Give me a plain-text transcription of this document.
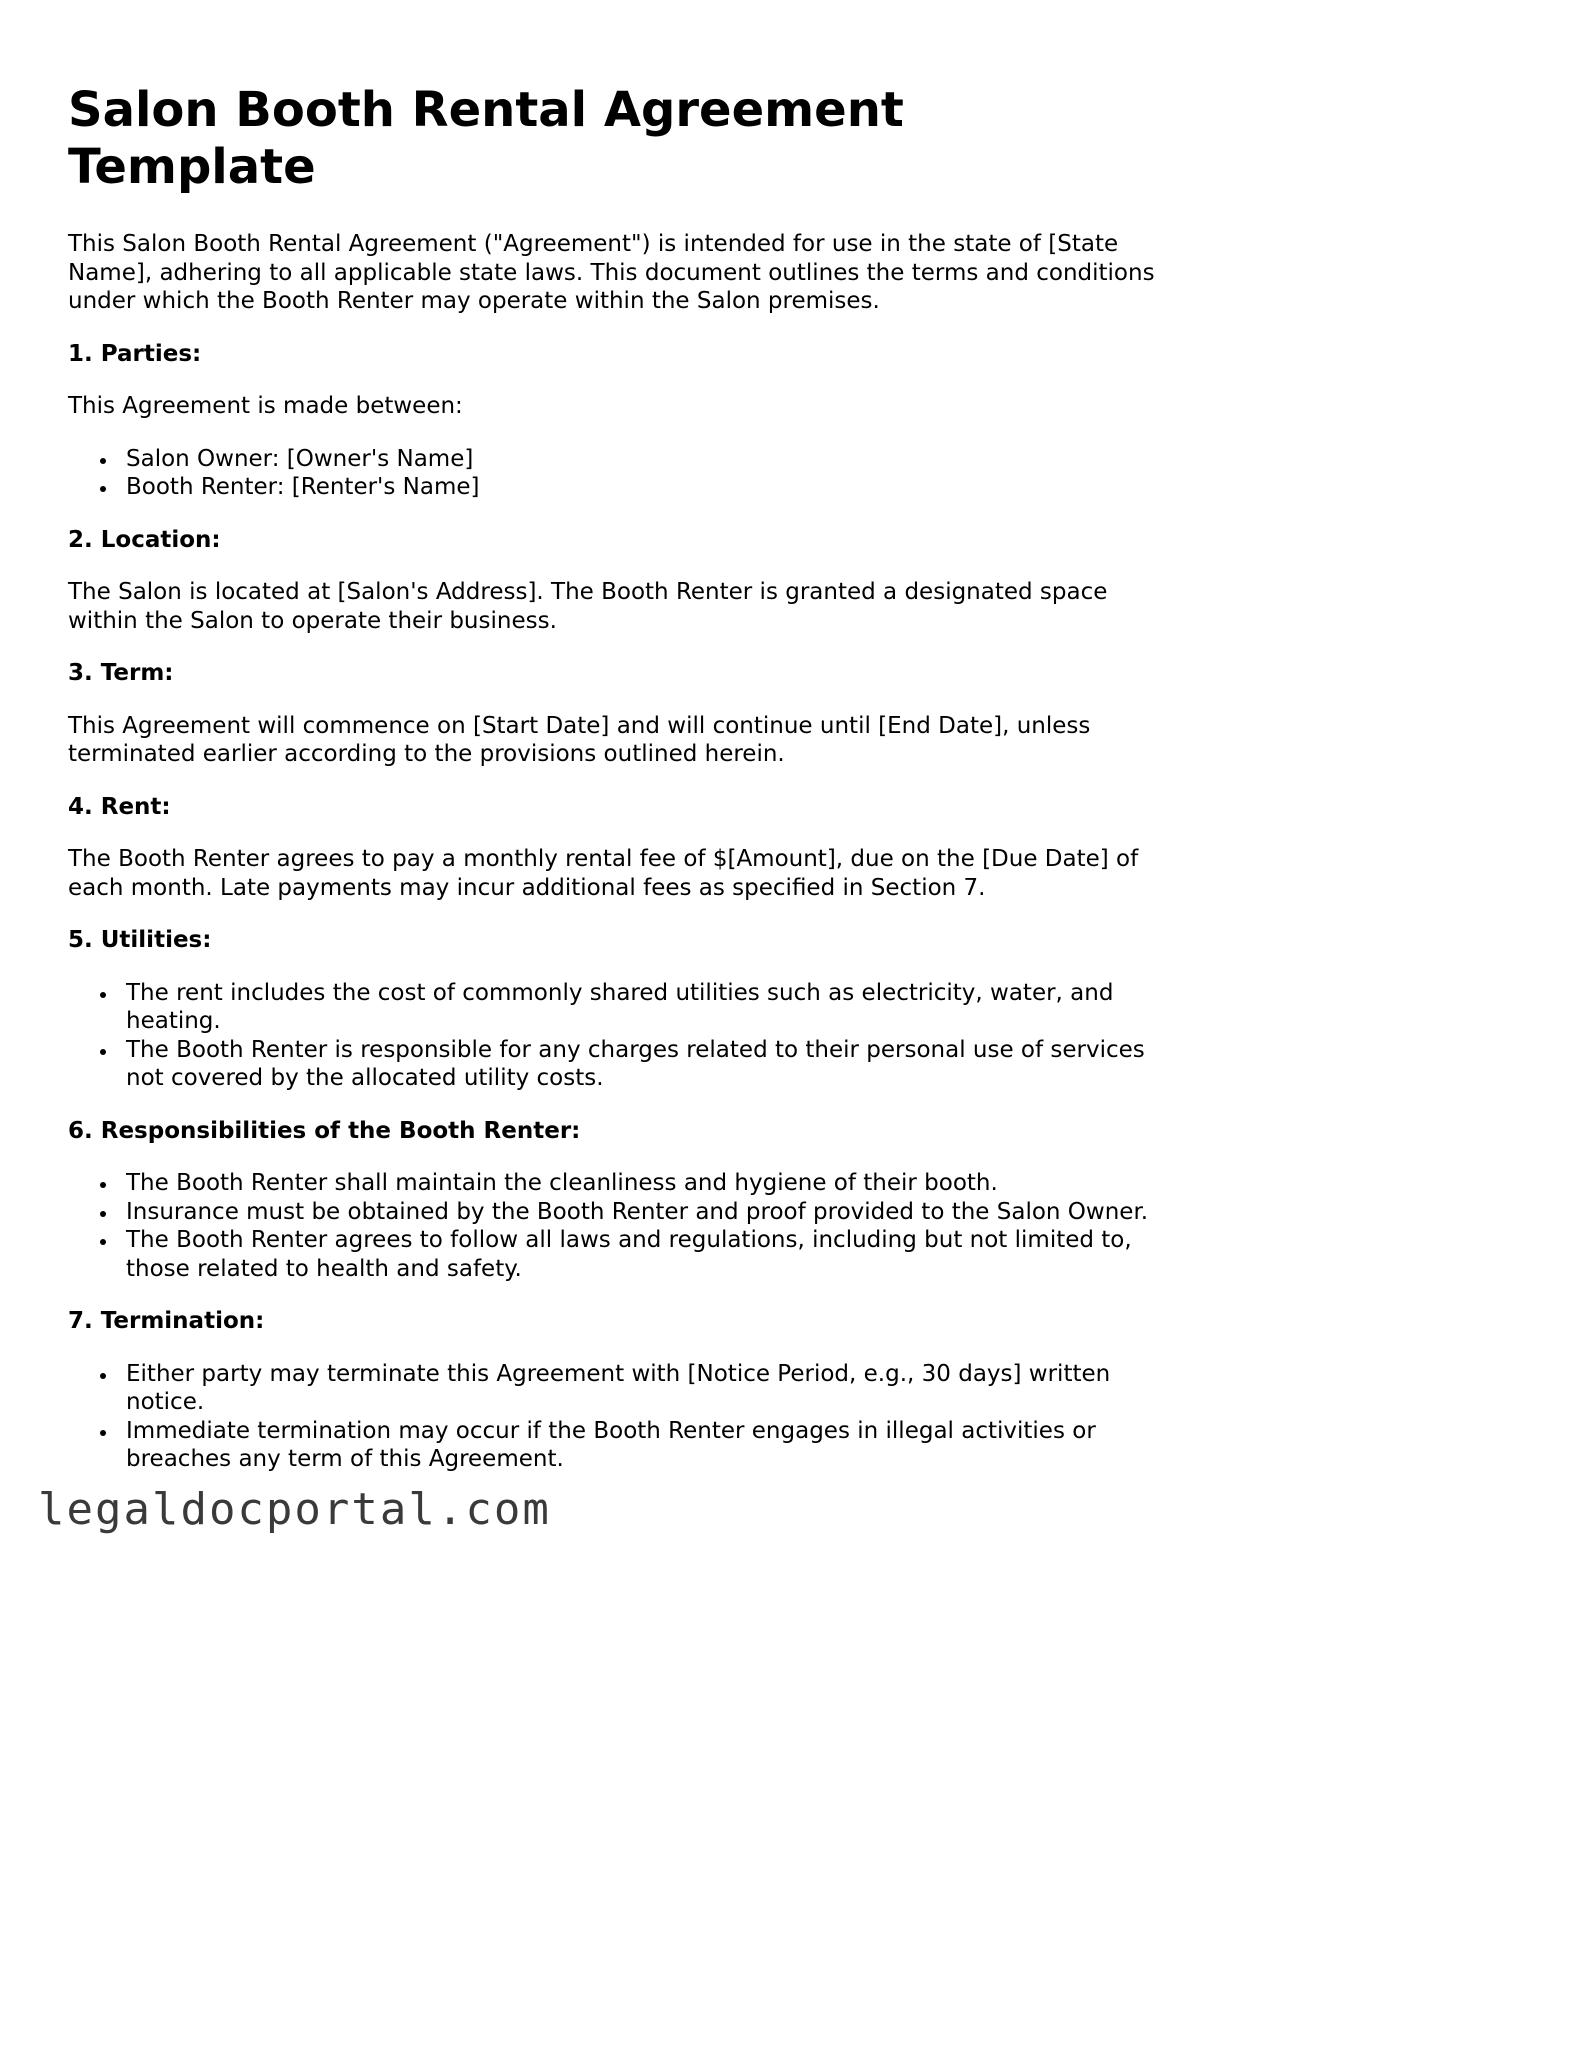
Salon Booth Rental Agreement Template

This Salon Booth Rental Agreement ("Agreement") is intended for use in the state of [State Name], adhering to all applicable state laws. This document outlines the terms and conditions under which the Booth Renter may operate within the Salon premises.

1. Parties:

This Agreement is made between:

Salon Owner: [Owner's Name]
Booth Renter: [Renter's Name]
2. Location:

The Salon is located at [Salon's Address]. The Booth Renter is granted a designated space within the Salon to operate their business.

3. Term:

This Agreement will commence on [Start Date] and will continue until [End Date], unless terminated earlier according to the provisions outlined herein.

4. Rent:

The Booth Renter agrees to pay a monthly rental fee of $[Amount], due on the [Due Date] of each month. Late payments may incur additional fees as specified in Section 7.

5. Utilities:
The rent includes the cost of commonly shared utilities such as electricity, water, and heating.
The Booth Renter is responsible for any charges related to their personal use of services not covered by the allocated utility costs.
6. Responsibilities of the Booth Renter:
The Booth Renter shall maintain the cleanliness and hygiene of their booth.
Insurance must be obtained by the Booth Renter and proof provided to the Salon Owner.
The Booth Renter agrees to follow all laws and regulations, including but not limited to, those related to health and safety.
7. Termination:
Either party may terminate this Agreement with [Notice Period, e.g., 30 days] written notice.
Immediate termination may occur if the Booth Renter engages in illegal activities or breaches any term of this Agreement.
legaldocportal.com
